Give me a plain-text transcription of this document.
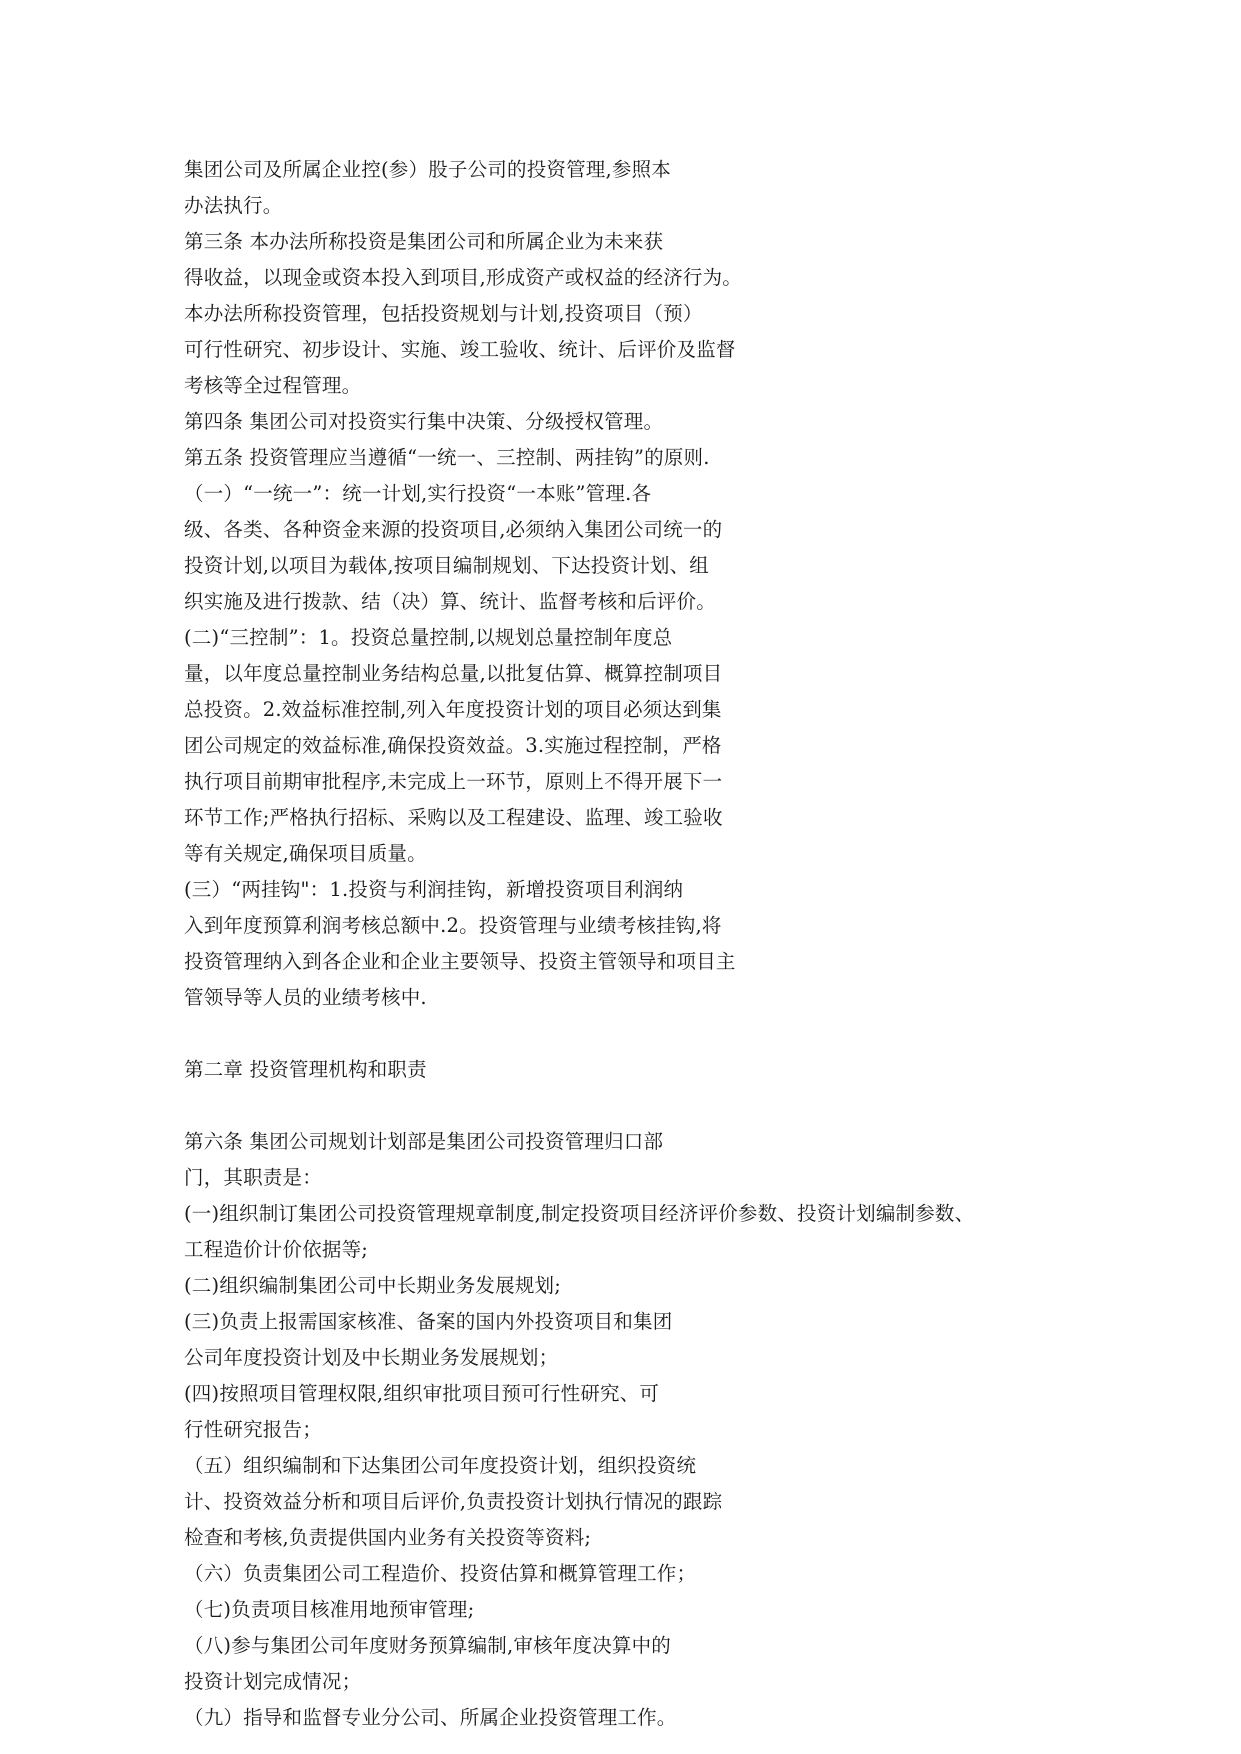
集团公司及所属企业控(参）股子公司的投资管理,参照本
办法执行。
第三条 本办法所称投资是集团公司和所属企业为未来获
得收益，以现金或资本投入到项目,形成资产或权益的经济行为。
本办法所称投资管理，包括投资规划与计划,投资项目（预）
可行性研究、初步设计、实施、竣工验收、统计、后评价及监督
考核等全过程管理。
第四条 集团公司对投资实行集中决策、分级授权管理。
第五条 投资管理应当遵循“一统一、三控制、两挂钩”的原则.
（一）“一统一”：统一计划,实行投资“一本账”管理.各
级、各类、各种资金来源的投资项目,必须纳入集团公司统一的
投资计划,以项目为载体,按项目编制规划、下达投资计划、组
织实施及进行拨款、结（决）算、统计、监督考核和后评价。
(二)“三控制”：1。投资总量控制,以规划总量控制年度总
量，以年度总量控制业务结构总量,以批复估算、概算控制项目
总投资。2.效益标准控制,列入年度投资计划的项目必须达到集
团公司规定的效益标准,确保投资效益。3.实施过程控制，严格
执行项目前期审批程序,未完成上一环节，原则上不得开展下一
环节工作;严格执行招标、采购以及工程建设、监理、竣工验收
等有关规定,确保项目质量。
(三）“两挂钩"：1.投资与利润挂钩，新增投资项目利润纳
入到年度预算利润考核总额中.2。投资管理与业绩考核挂钩,将
投资管理纳入到各企业和企业主要领导、投资主管领导和项目主
管领导等人员的业绩考核中.
第二章 投资管理机构和职责
第六条 集团公司规划计划部是集团公司投资管理归口部
门，其职责是：
(一)组织制订集团公司投资管理规章制度,制定投资项目经济评价参数、投资计划编制参数、
工程造价计价依据等;
(二)组织编制集团公司中长期业务发展规划;
(三)负责上报需国家核准、备案的国内外投资项目和集团
公司年度投资计划及中长期业务发展规划；
(四)按照项目管理权限,组织审批项目预可行性研究、可
行性研究报告；
（五）组织编制和下达集团公司年度投资计划，组织投资统
计、投资效益分析和项目后评价,负责投资计划执行情况的跟踪
检查和考核,负责提供国内业务有关投资等资料;
（六）负责集团公司工程造价、投资估算和概算管理工作；
（七)负责项目核准用地预审管理;
（八)参与集团公司年度财务预算编制,审核年度决算中的
投资计划完成情况；
（九）指导和监督专业分公司、所属企业投资管理工作。
